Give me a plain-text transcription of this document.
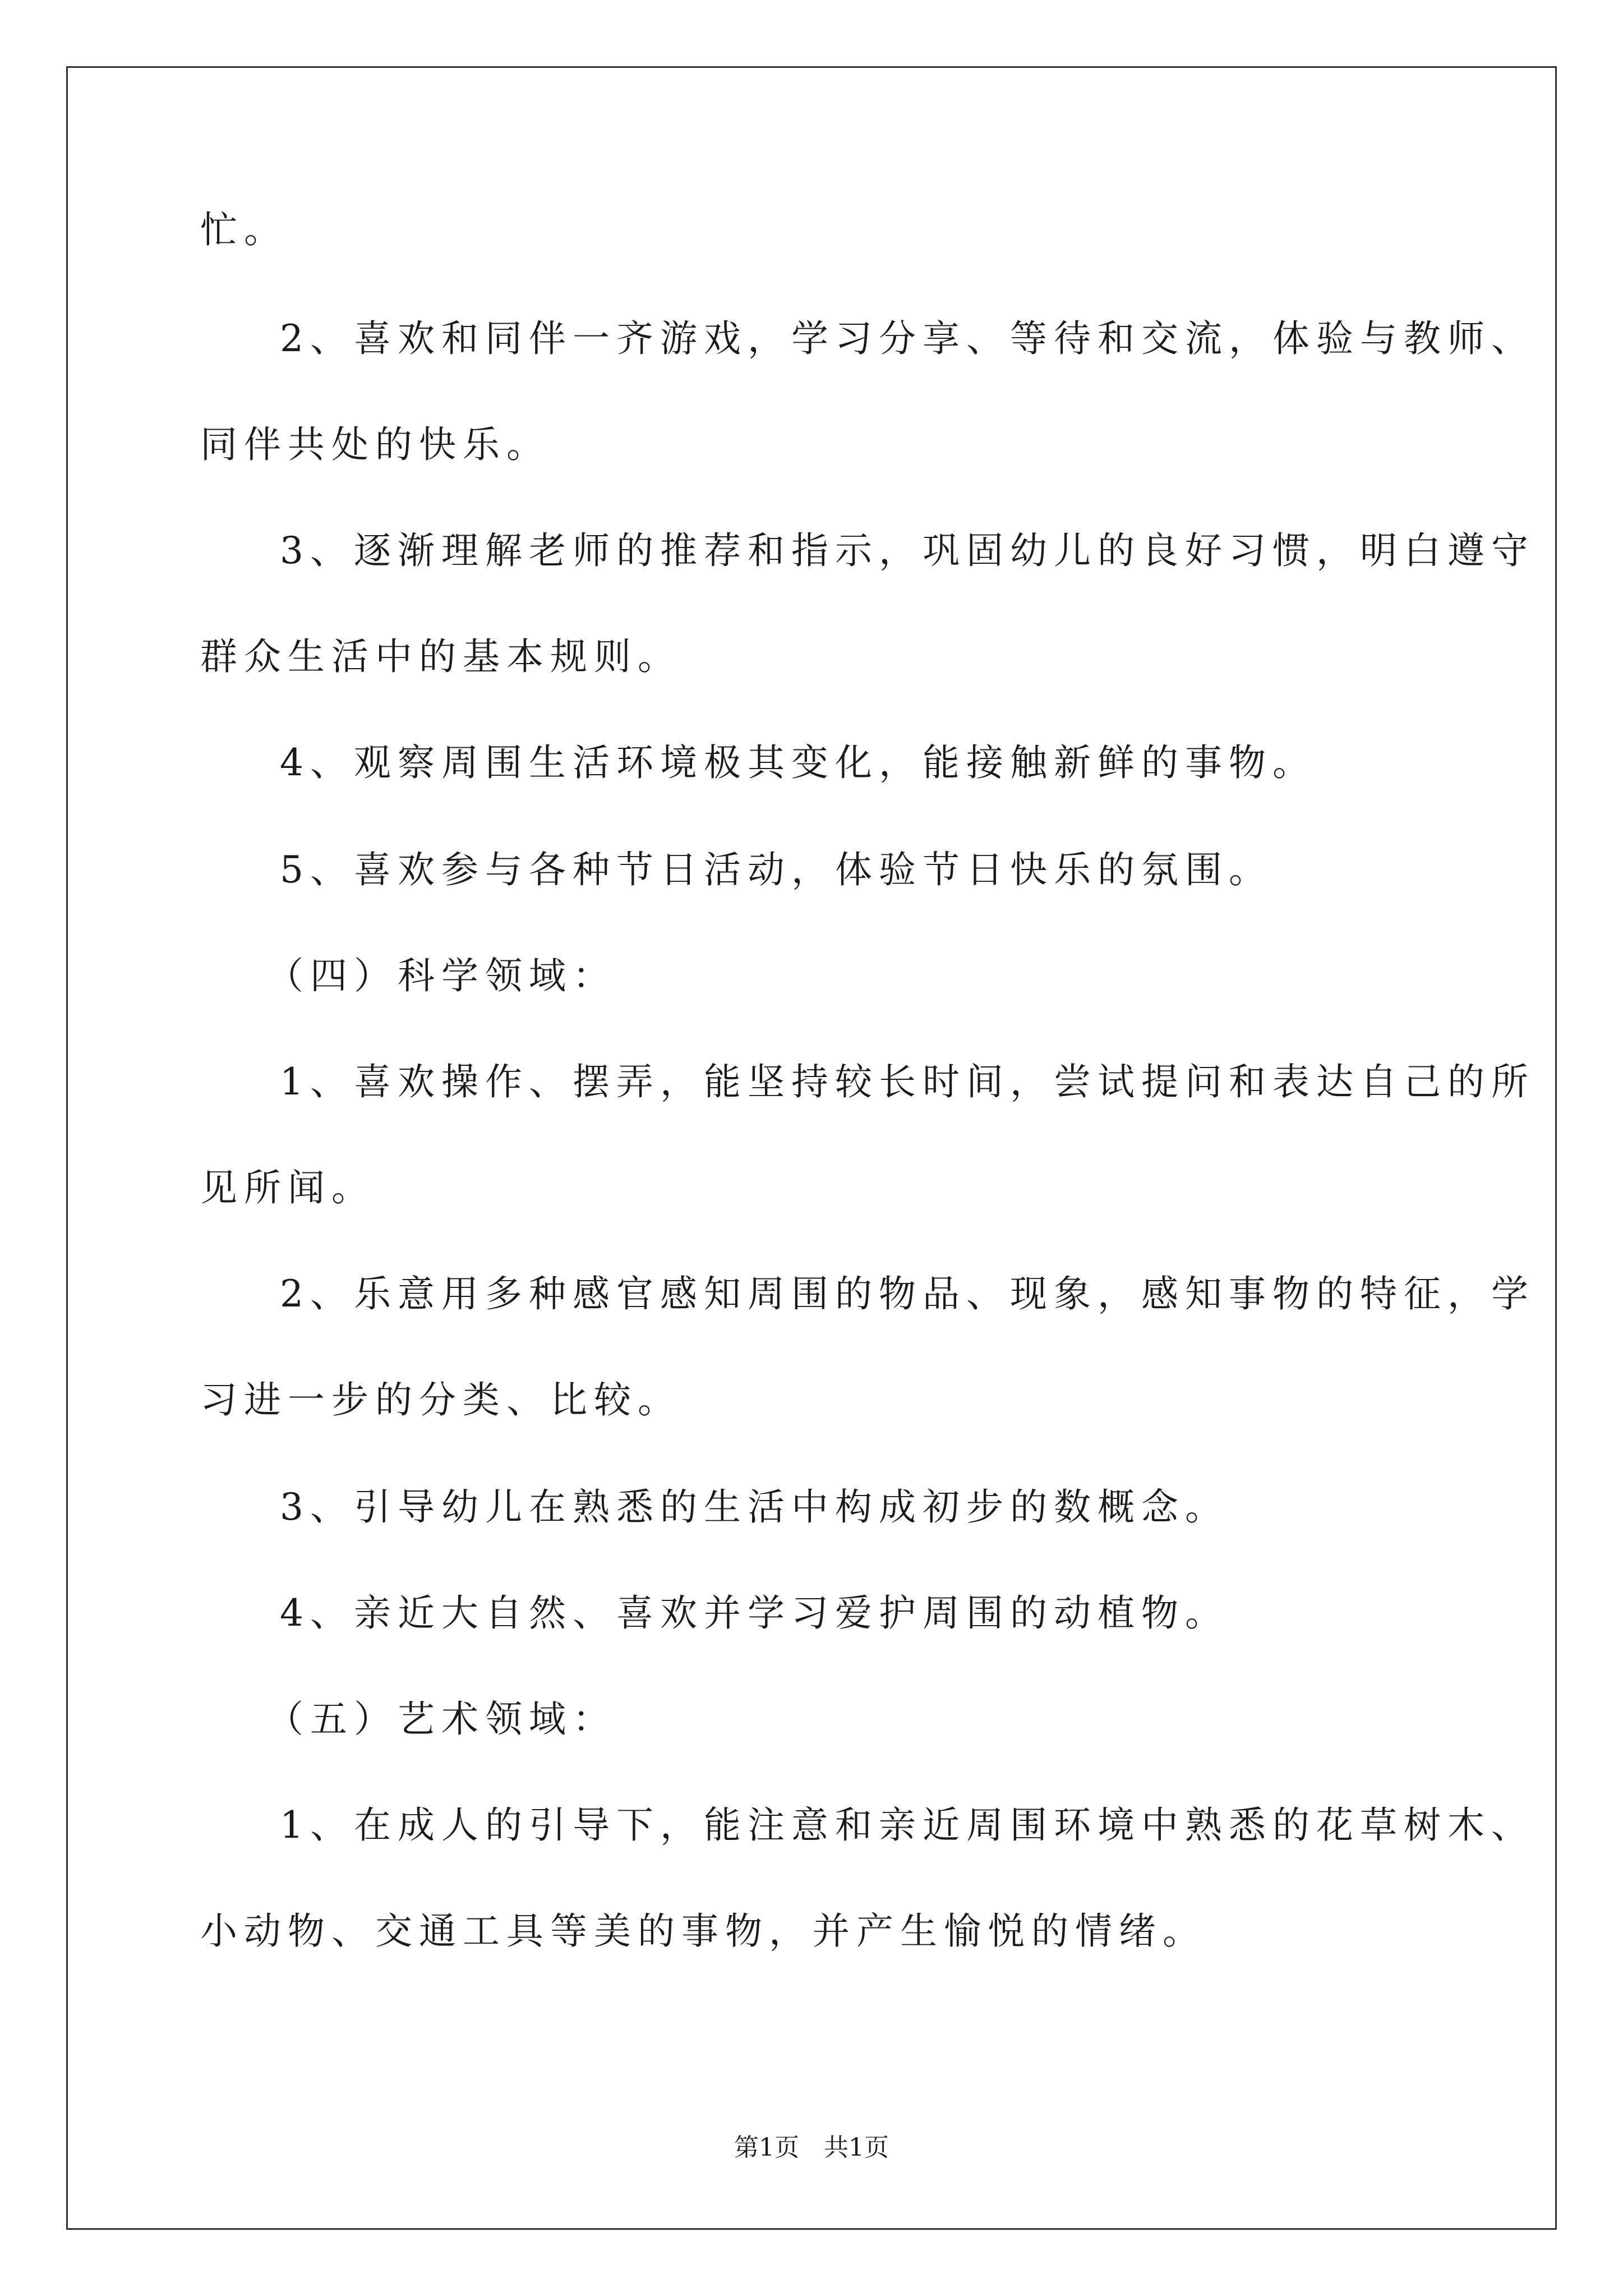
忙。
2、喜欢和同伴一齐游戏，学习分享、等待和交流，体验与教师、
同伴共处的快乐。
3、逐渐理解老师的推荐和指示，巩固幼儿的良好习惯，明白遵守
群众生活中的基本规则。
4、观察周围生活环境极其变化，能接触新鲜的事物。
5、喜欢参与各种节日活动，体验节日快乐的氛围。
（四）科学领域：
1、喜欢操作、摆弄，能坚持较长时间，尝试提问和表达自己的所
见所闻。
2、乐意用多种感官感知周围的物品、现象，感知事物的特征，学
习进一步的分类、比较。
3、引导幼儿在熟悉的生活中构成初步的数概念。
4、亲近大自然、喜欢并学习爱护周围的动植物。
（五）艺术领域：
1、在成人的引导下，能注意和亲近周围环境中熟悉的花草树木、
小动物、交通工具等美的事物，并产生愉悦的情绪。
第1页 共1页
